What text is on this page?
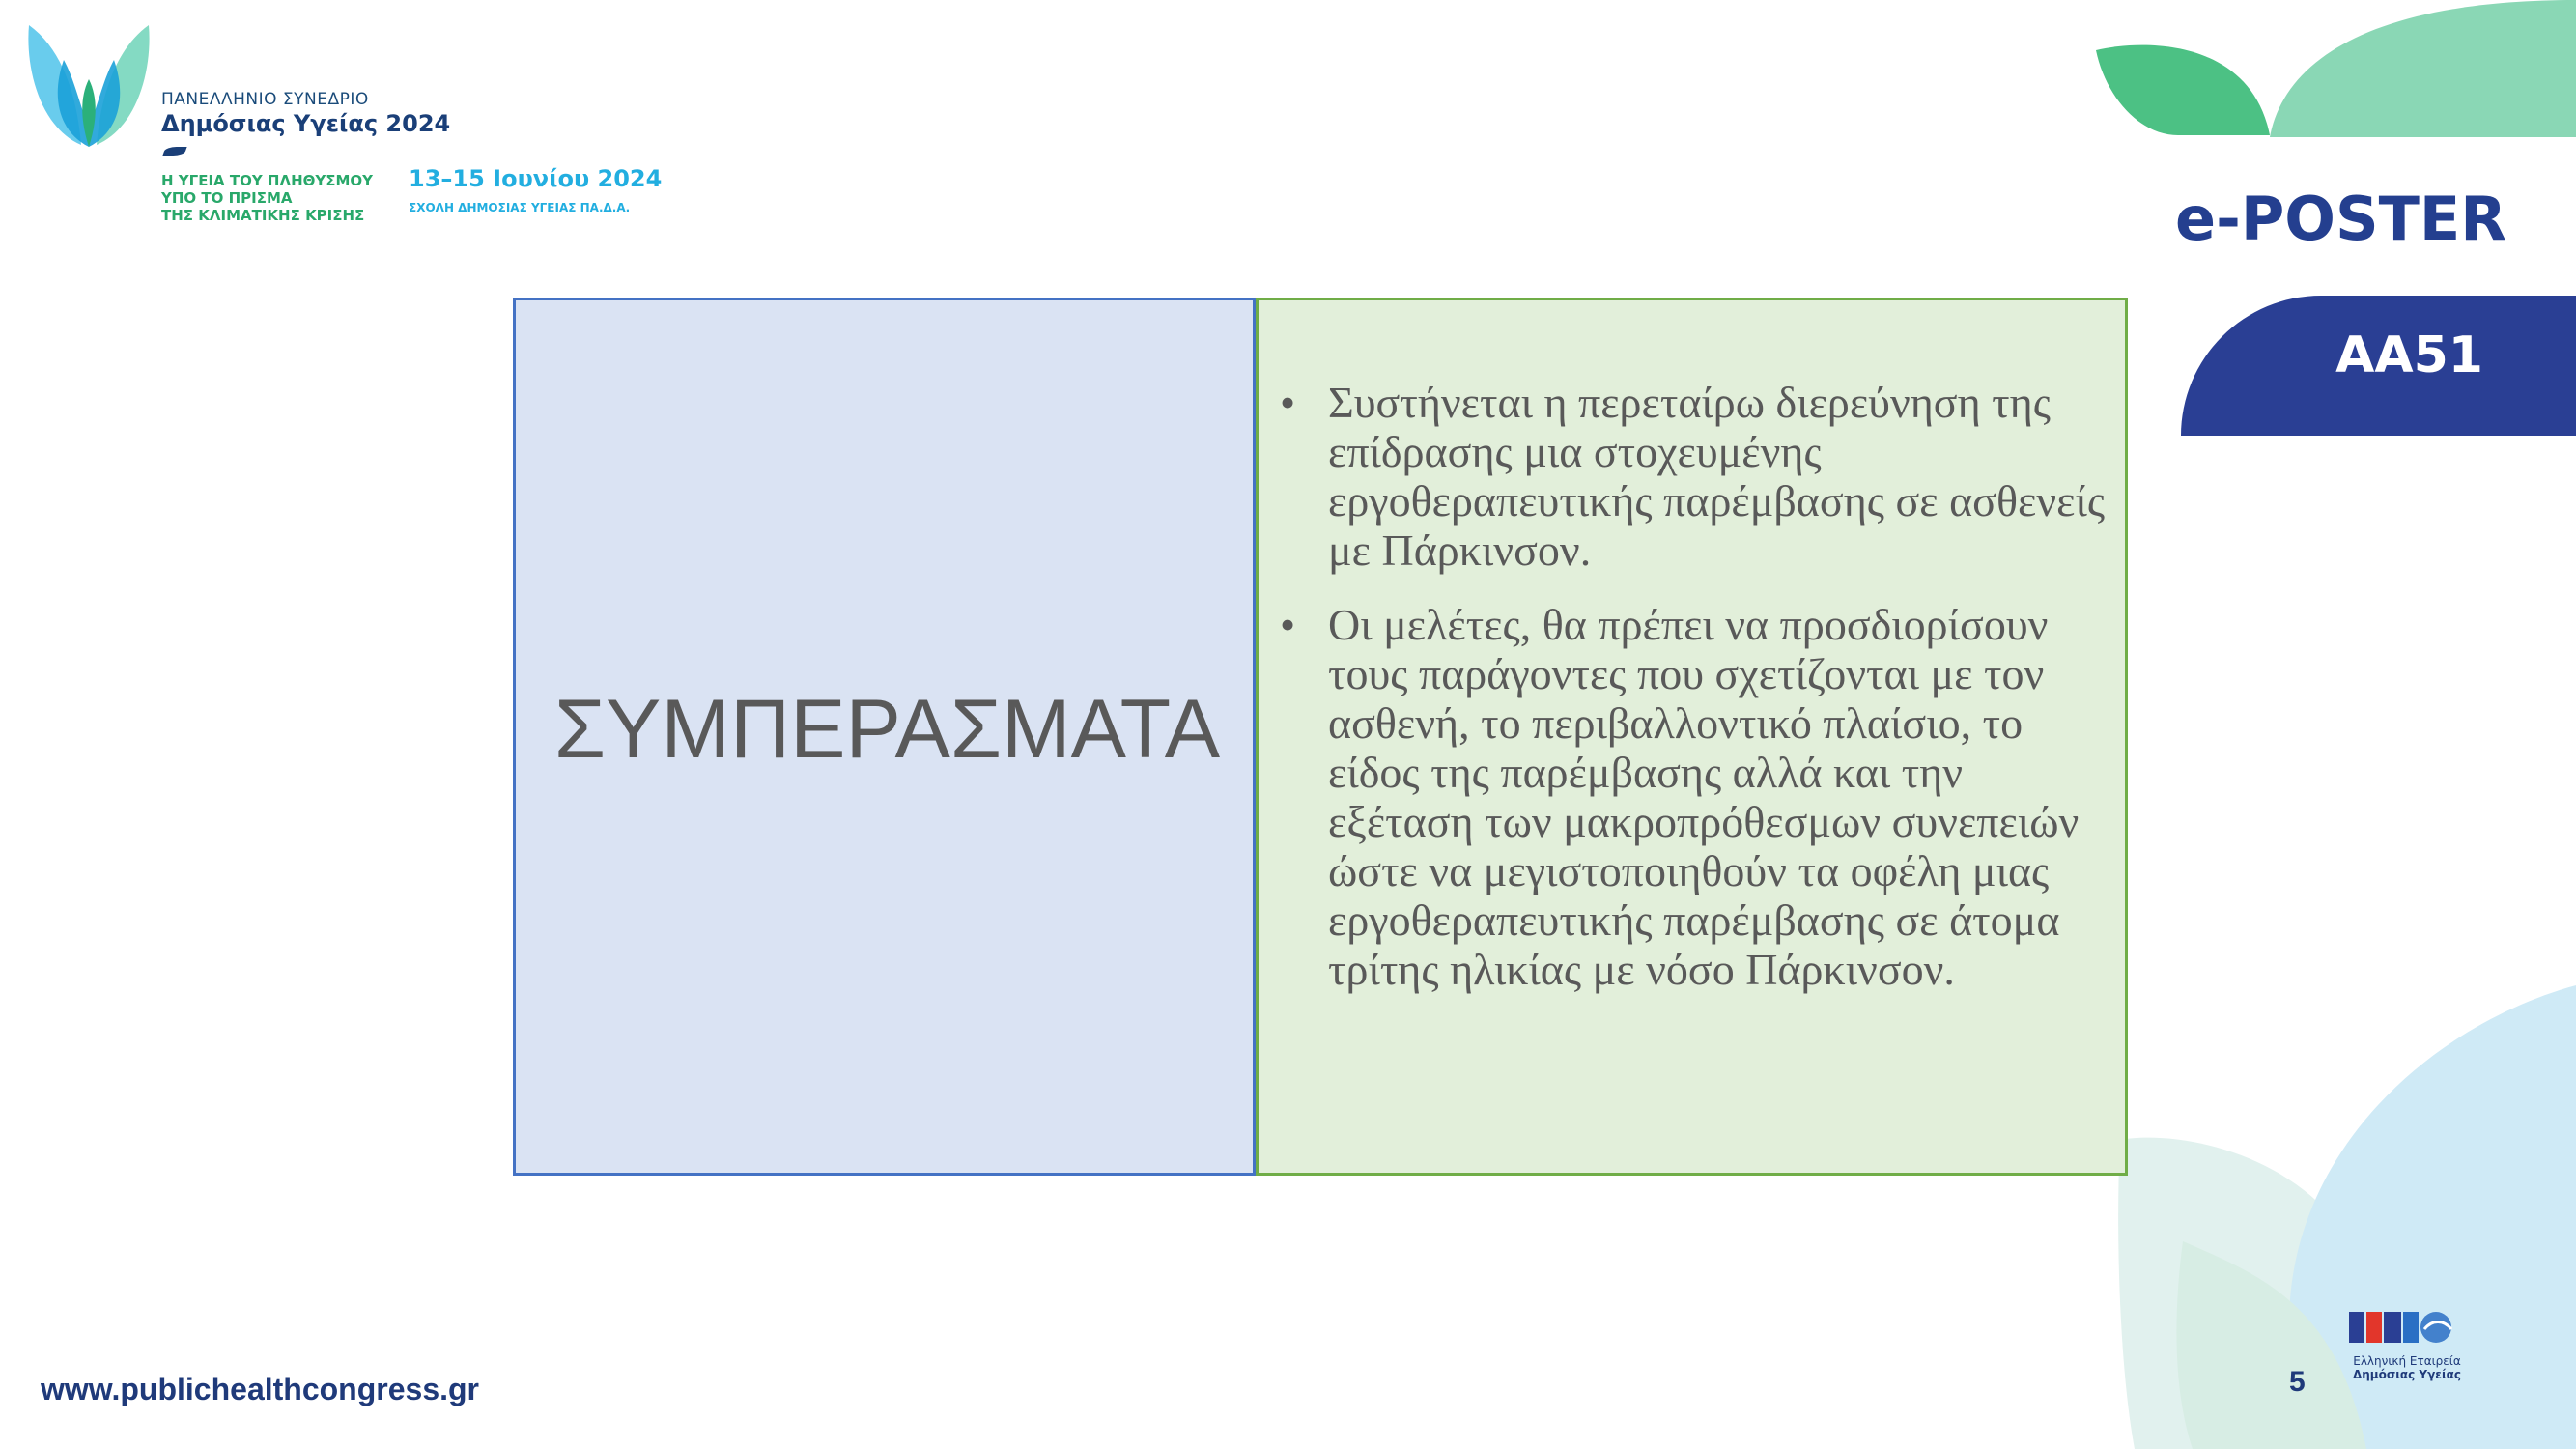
ΠΑΝΕΛΛΗΝΙΟ ΣΥΝΕΔΡΙΟ
Δημόσιας Υγείας 2024
Η ΥΓΕΙΑ ΤΟΥ ΠΛΗΘΥΣΜΟΥ
ΥΠΟ ΤΟ ΠΡΙΣΜΑ
ΤΗΣ ΚΛΙΜΑΤΙΚΗΣ ΚΡΙΣΗΣ
13–15 Ιουνίου 2024
ΣΧΟΛΗ ΔΗΜΟΣΙΑΣ ΥΓΕΙΑΣ ΠΑ.Δ.Α.	e-POSTER
ΑΑ51
ΣΥΜΠΕΡΑΣΜΑΤΑ
• Συστήνεται η περεταίρω διερεύνηση της επίδρασης μια στοχευμένης εργοθεραπευτικής παρέμβασης σε ασθενείς με Πάρκινσον.
• Οι μελέτες, θα πρέπει να προσδιορίσουν τους παράγοντες που σχετίζονται με τον ασθενή, το περιβαλλοντικό πλαίσιο, το είδος της παρέμβασης αλλά και την εξέταση των μακροπρόθεσμων συνεπειών ώστε να μεγιστοποιηθούν τα οφέλη μιας εργοθεραπευτικής παρέμβασης σε άτομα τρίτης ηλικίας με νόσο Πάρκινσον.
www.publichealthcongress.gr	5
Ελληνική Εταιρεία
Δημόσιας Υγείας
